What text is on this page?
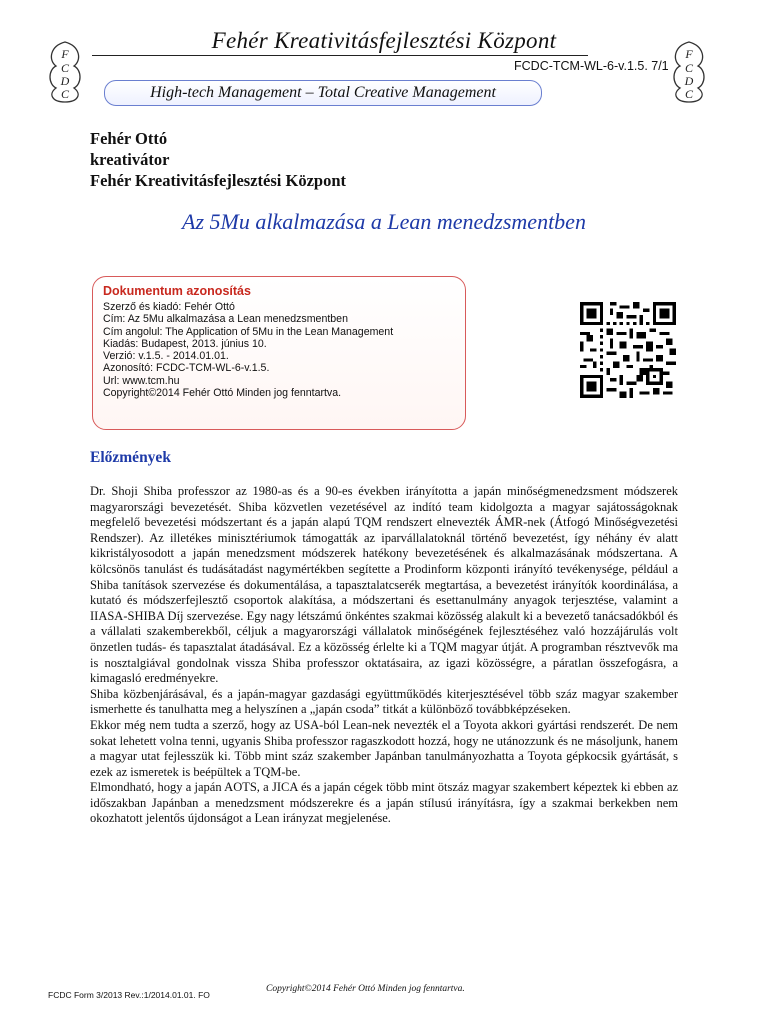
Fehér Kreativitásfejlesztési Központ
FCDC-TCM-WL-6-v.1.5. 7/1
F
C
D
C
F
C
D
C
High-tech Management – Total Creative Management
Fehér Ottó
kreativátor
Fehér Kreativitásfejlesztési Központ
Az 5Mu alkalmazása a Lean menedzsmentben
Dokumentum azonosítás
Szerző és kiadó: Fehér Ottó
Cím: Az 5Mu alkalmazása a Lean menedzsmentben
Cím angolul: The Application of 5Mu in the Lean Management
Kiadás: Budapest, 2013. június 10.
Verzió: v.1.5. - 2014.01.01.
Azonosító: FCDC-TCM-WL-6-v.1.5.
Url: www.tcm.hu
Copyright©2014 Fehér Ottó Minden jog fenntartva.
Előzmények

Dr. Shoji Shiba professzor az 1980-as és a 90-es években irányította a japán minőségmenedzsment módszerek magyarországi bevezetését. Shiba közvetlen vezetésével az indító team kidolgozta a magyar sajátosságoknak megfelelő bevezetési módszertant és a japán alapú TQM rendszert elnevezték ÁMR-nek (Átfogó Minőségvezetési Rendszer). Az illetékes minisztériumok támogatták az iparvállalatoknál történő bevezetést, így néhány év alatt kikristályosodott a japán menedzsment módszerek hatékony bevezetésének és alkalmazásának módszertana. A kölcsönös tanulást és tudásátadást nagymértékben segítette a Prodinform központi irányító tevékenysége, például a Shiba tanítások szervezése és dokumentálása, a tapasztalatcserék megtartása, a bevezetést irányítók koordinálása, a kutató és módszerfejlesztő csoportok alakítása, a módszertani és esettanulmány anyagok terjesztése, valamint a IIASA-SHIBA Díj szervezése. Egy nagy létszámú önkéntes szakmai közösség alakult ki a bevezető tanácsadókból és a vállalati szakemberekből, céljuk a magyarországi vállalatok minőségének fejlesztéséhez való hozzájárulás volt önzetlen tudás- és tapasztalat átadásával. Ez a közösség érlelte ki a TQM magyar útját. A programban résztvevők ma is nosztalgiával gondolnak vissza Shiba professzor oktatásaira, az igazi közösségre, a páratlan összefogásra, a kimagasló eredményekre.

Shiba közbenjárásával, és a japán-magyar gazdasági együttműködés kiterjesztésével több száz magyar szakember ismerhette és tanulhatta meg a helyszínen a „japán csoda” titkát a különböző továbbképzéseken.

Ekkor még nem tudta a szerző, hogy az USA-ból Lean-nek nevezték el a Toyota akkori gyártási rendszerét. De nem sokat lehetett volna tenni, ugyanis Shiba professzor ragaszkodott hozzá, hogy ne utánozzunk és ne másoljunk, hanem a magyar utat fejlesszük ki. Több mint száz szakember Japánban tanulmányozhatta a Toyota gépkocsik gyártását, s ezek az ismeretek is beépültek a TQM-be.

Elmondható, hogy a japán AOTS, a JICA és a japán cégek több mint ötszáz magyar szakembert képeztek ki ebben az időszakban Japánban a menedzsment módszerekre és a japán stílusú irányításra, így a szakmai berkekben nem okozhatott jelentős újdonságot a Lean irányzat megjelenése.

FCDC Form 3/2013 Rev.:1/2014.01.01. FO
Copyright©2014 Fehér Ottó Minden jog fenntartva.
